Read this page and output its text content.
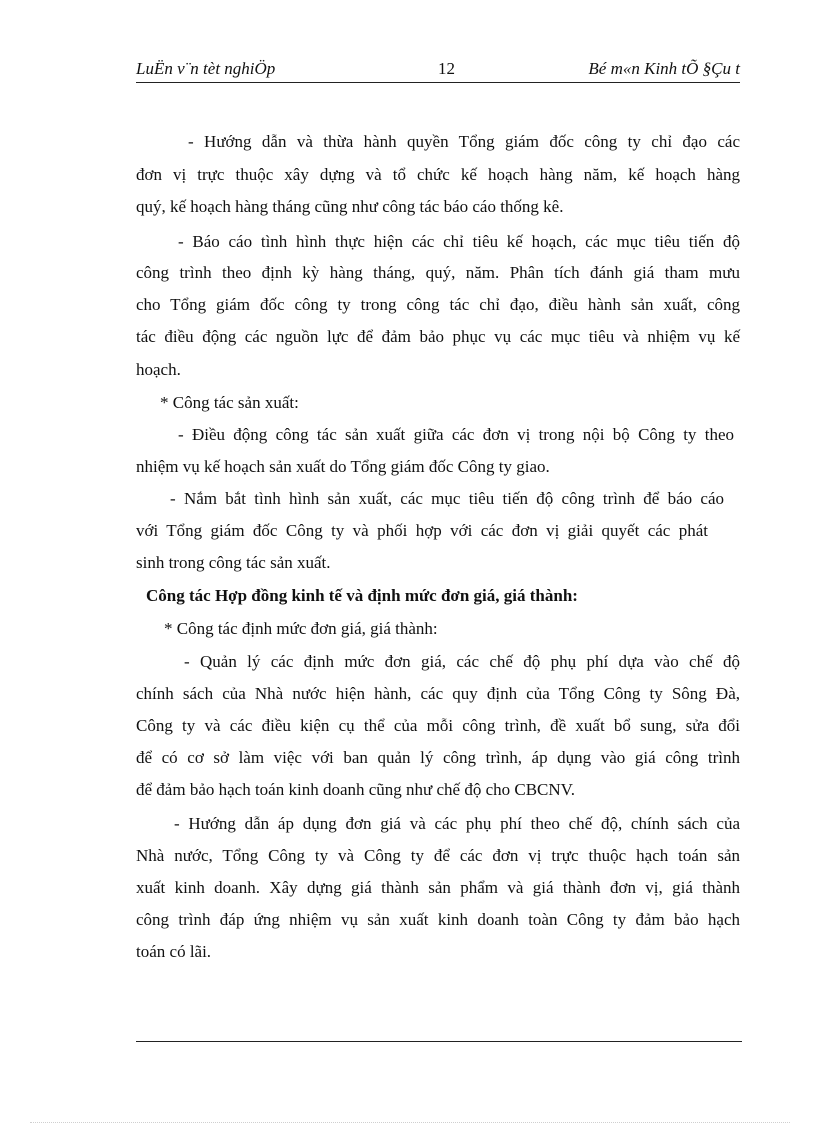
LuËn v¨n tèt nghiÖp	12	Bé m«n Kinh tÕ §Çu t
- Hướng dẫn và thừa hành quyền Tổng giám đốc công ty chỉ đạo các
đơn vị trực thuộc xây dựng và tổ chức kế hoạch hàng năm, kế hoạch hàng
quý, kế hoạch hàng tháng cũng như công tác báo cáo thống kê.
- Báo cáo tình hình thực hiện các chỉ tiêu kế hoạch, các mục tiêu tiến độ
công trình theo định kỳ hàng tháng, quý, năm. Phân tích đánh giá tham mưu
cho Tổng giám đốc công ty trong công tác chỉ đạo, điều hành sản xuất, công
tác điều động các nguồn lực để đảm bảo phục vụ các mục tiêu và nhiệm vụ kế
hoạch.
* Công tác sản xuất:
- Điều động công tác sản xuất giữa các đơn vị trong nội bộ Công ty theo
nhiệm vụ kế hoạch sản xuất do Tổng giám đốc Công ty giao.
- Nắm bắt tình hình sản xuất, các mục tiêu tiến độ công trình để báo cáo
với Tổng giám đốc Công ty và phối hợp với các đơn vị giải quyết các phát
sinh trong công tác sản xuất.
Công tác Hợp đồng kinh tế và định mức đơn giá, giá thành:
* Công tác định mức đơn giá, giá thành:
- Quản lý các định mức đơn giá, các chế độ phụ phí dựa vào chế độ
chính sách của Nhà nước hiện hành, các quy định của Tổng Công ty Sông Đà,
Công ty và các điều kiện cụ thể của mỗi công trình, đề xuất bổ sung, sửa đổi
để có cơ sở làm việc với ban quản lý công trình, áp dụng vào giá công trình
để đảm bảo hạch toán kinh doanh cũng như chế độ cho CBCNV.
- Hướng dẫn áp dụng đơn giá và các phụ phí theo chế độ, chính sách của
Nhà nước, Tổng Công ty và Công ty để các đơn vị trực thuộc hạch toán sản
xuất kinh doanh. Xây dựng giá thành sản phẩm và giá thành đơn vị, giá thành
công trình đáp ứng nhiệm vụ sản xuất kinh doanh toàn Công ty đảm bảo hạch
toán có lãi.
